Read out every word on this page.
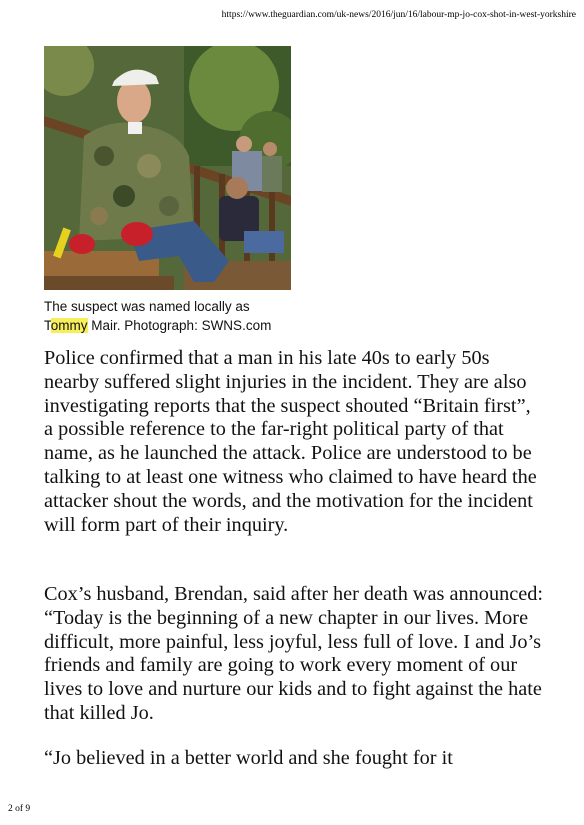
https://www.theguardian.com/uk-news/2016/jun/16/labour-mp-jo-cox-shot-in-west-yorkshire
The suspect was named locally as
Tommy Mair. Photograph: SWNS.com

Police confirmed that a man in his late 40s to early 50s nearby suffered slight injuries in the incident. They are also investigating reports that the suspect shouted “Britain first”, a possible reference to the far-right political party of that name, as he launched the attack. Police are understood to be talking to at least one witness who claimed to have heard the attacker shout the words, and the motivation for the incident will form part of their inquiry.

Cox’s husband, Brendan, said after her death was announced: “Today is the beginning of a new chapter in our lives. More difficult, more painful, less joyful, less full of love. I and Jo’s friends and family are going to work every moment of our lives to love and nurture our kids and to fight against the hate that killed Jo.

“Jo believed in a better world and she fought for it

2 of 9
